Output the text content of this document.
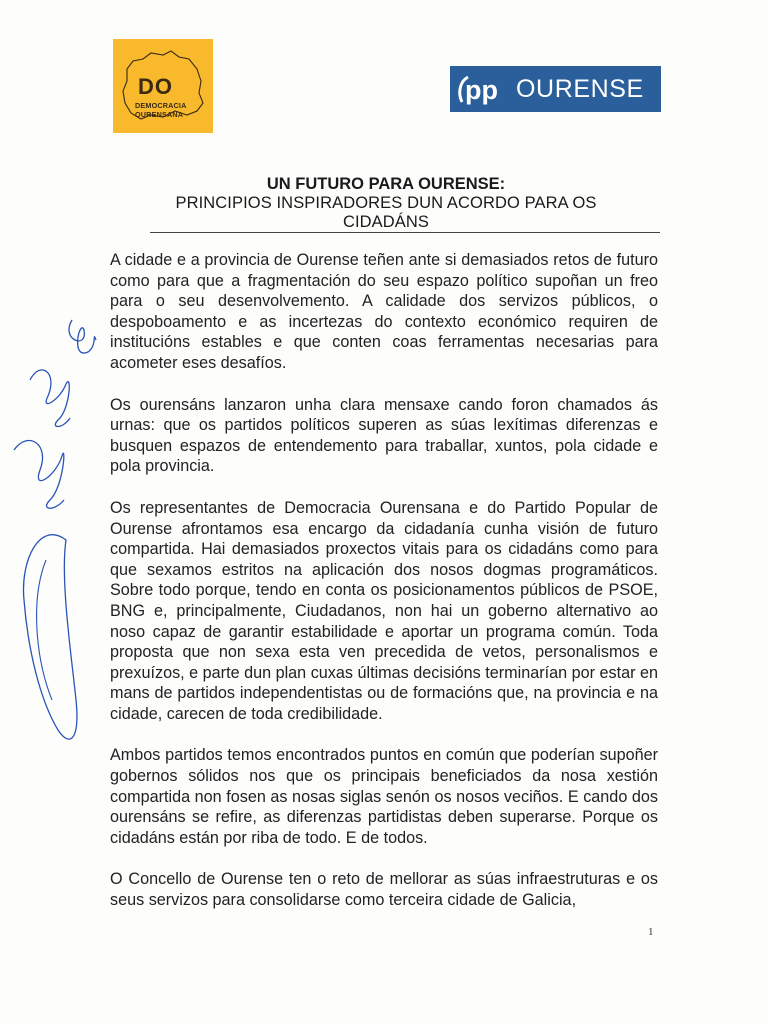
DO
DEMOCRACIA
OURENSANA
pp OURENSE
UN FUTURO PARA OURENSE:
PRINCIPIOS INSPIRADORES DUN ACORDO PARA OS CIDADÁNS

A cidade e a provincia de Ourense teñen ante si demasiados retos de futuro como para que a fragmentación do seu espazo político supoñan un freo para o seu desenvolvemento. A calidade dos servizos públicos, o despoboamento e as incertezas do contexto económico requiren de institucións estables e que conten coas ferramentas necesarias para acometer eses desafíos.

Os ourensáns lanzaron unha clara mensaxe cando foron chamados ás urnas: que os partidos políticos superen as súas lexítimas diferenzas e busquen espazos de entendemento para traballar, xuntos, pola cidade e pola provincia.

Os representantes de Democracia Ourensana e do Partido Popular de Ourense afrontamos esa encargo da cidadanía cunha visión de futuro compartida. Hai demasiados proxectos vitais para os cidadáns como para que sexamos estritos na aplicación dos nosos dogmas programáticos. Sobre todo porque, tendo en conta os posicionamentos públicos de PSOE, BNG e, principalmente, Ciudadanos, non hai un goberno alternativo ao noso capaz de garantir estabilidade e aportar un programa común. Toda proposta que non sexa esta ven precedida de vetos, personalismos e prexuízos, e parte dun plan cuxas últimas decisións terminarían por estar en mans de partidos independentistas ou de formacións que, na provincia e na cidade, carecen de toda credibilidade.

Ambos partidos temos encontrados puntos en común que poderían supoñer gobernos sólidos nos que os principais beneficiados da nosa xestión compartida non fosen as nosas siglas senón os nosos veciños. E cando dos ourensáns se refire, as diferenzas partidistas deben superarse. Porque os cidadáns están por riba de todo. E de todos.

O Concello de Ourense ten o reto de mellorar as súas infraestruturas e os seus servizos para consolidarse como terceira cidade de Galicia,

1
